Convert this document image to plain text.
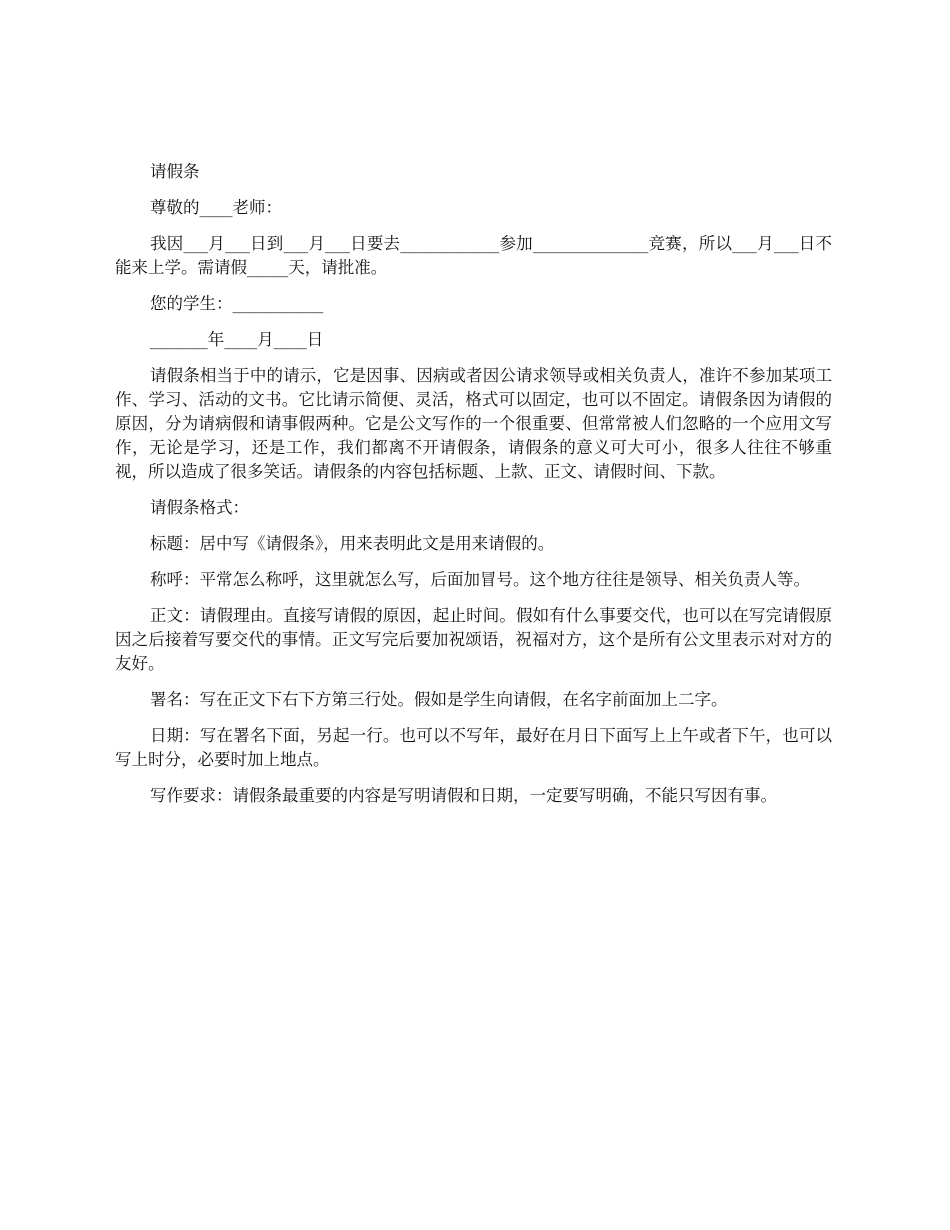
请假条

尊敬的____老师：

我因___月___日到___月___日要去____________参加______________竞赛，所以___月___日不能来上学。需请假_____天，请批准。

您的学生：___________

_______年____月____日

请假条相当于中的请示，它是因事、因病或者因公请求领导或相关负责人，准许不参加某项工作、学习、活动的文书。它比请示简便、灵活，格式可以固定，也可以不固定。请假条因为请假的原因，分为请病假和请事假两种。它是公文写作的一个很重要、但常常被人们忽略的一个应用文写作，无论是学习，还是工作，我们都离不开请假条，请假条的意义可大可小，很多人往往不够重视，所以造成了很多笑话。请假条的内容包括标题、上款、正文、请假时间、下款。

请假条格式：

标题：居中写《请假条》，用来表明此文是用来请假的。

称呼：平常怎么称呼，这里就怎么写，后面加冒号。这个地方往往是领导、相关负责人等。

正文：请假理由。直接写请假的原因，起止时间。假如有什么事要交代，也可以在写完请假原因之后接着写要交代的事情。正文写完后要加祝颂语，祝福对方，这个是所有公文里表示对对方的友好。

署名：写在正文下右下方第三行处。假如是学生向请假，在名字前面加上二字。

日期：写在署名下面，另起一行。也可以不写年，最好在月日下面写上上午或者下午，也可以写上时分，必要时加上地点。

写作要求：请假条最重要的内容是写明请假和日期，一定要写明确，不能只写因有事。
